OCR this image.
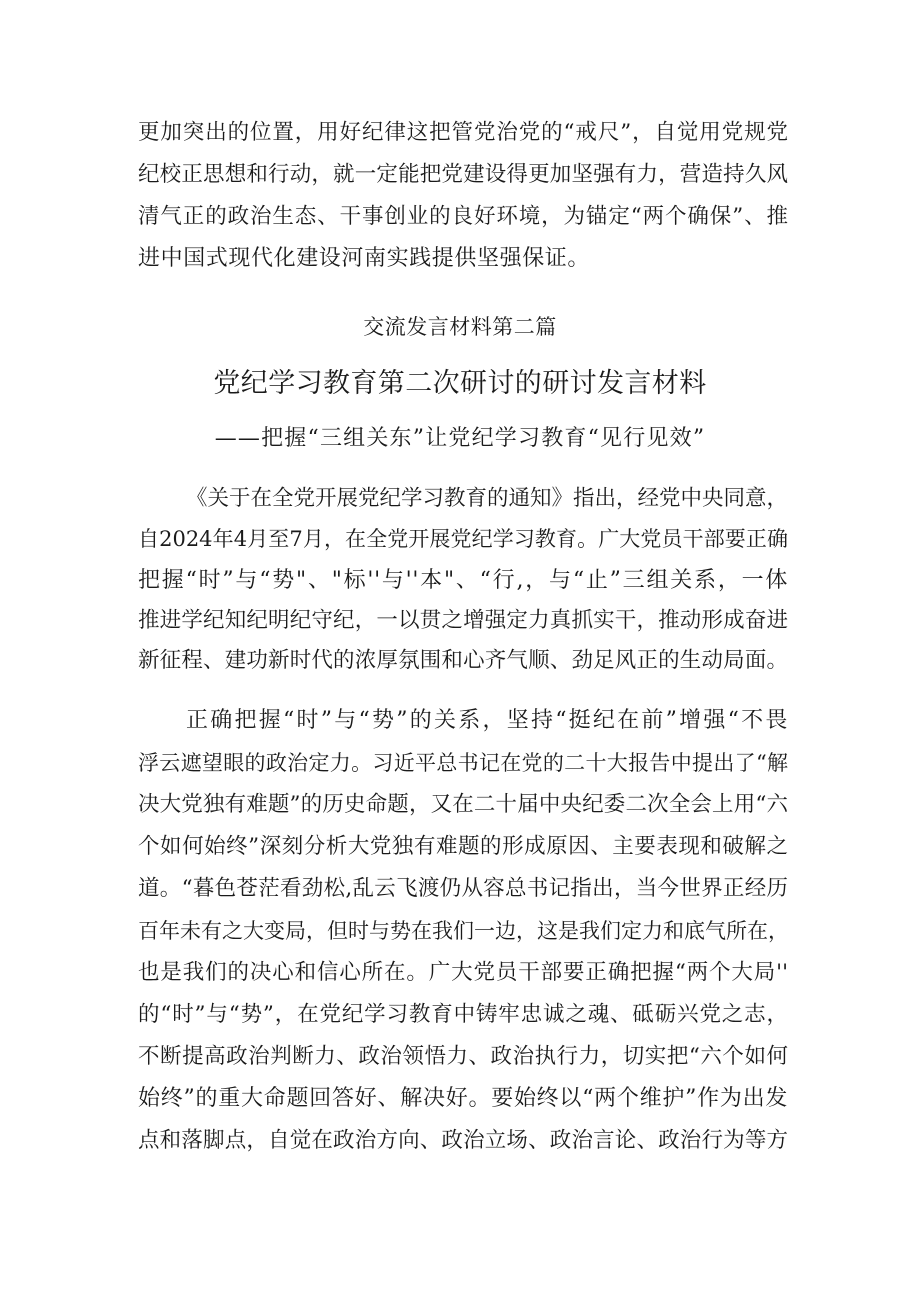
更加突出的位置，用好纪律这把管党治党的“戒尺”，自觉用党规党
纪校正思想和行动，就一定能把党建设得更加坚强有力，营造持久风
清气正的政治生态、干事创业的良好环境，为锚定“两个确保”、推
进中国式现代化建设河南实践提供坚强保证。
交流发言材料第二篇
党纪学习教育第二次研讨的研讨发言材料
——把握“三组关东”让党纪学习教育“见行见效”
《关于在全党开展党纪学习教育的通知》指出，经党中央同意，
自2024年4月至7月，在全党开展党纪学习教育。广大党员干部要正确
把握“时”与“势"、"标''与''本"、“行,，与“止”三组关系，一体
推进学纪知纪明纪守纪，一以贯之增强定力真抓实干，推动形成奋进
新征程、建功新时代的浓厚氛围和心齐气顺、劲足风正的生动局面。
正确把握“时”与“势”的关系，坚持“挺纪在前”增强“不畏
浮云遮望眼的政治定力。习近平总书记在党的二十大报告中提出了“解
决大党独有难题”的历史命题，又在二十届中央纪委二次全会上用“六
个如何始终”深刻分析大党独有难题的形成原因、主要表现和破解之
道。“暮色苍茫看劲松,乱云飞渡仍从容总书记指出，当今世界正经历
百年未有之大变局，但时与势在我们一边，这是我们定力和底气所在，
也是我们的决心和信心所在。广大党员干部要正确把握“两个大局''
的“时”与“势”，在党纪学习教育中铸牢忠诚之魂、砥砺兴党之志，
不断提高政治判断力、政治领悟力、政治执行力，切实把“六个如何
始终”的重大命题回答好、解决好。要始终以“两个维护”作为出发
点和落脚点，自觉在政治方向、政治立场、政治言论、政治行为等方
